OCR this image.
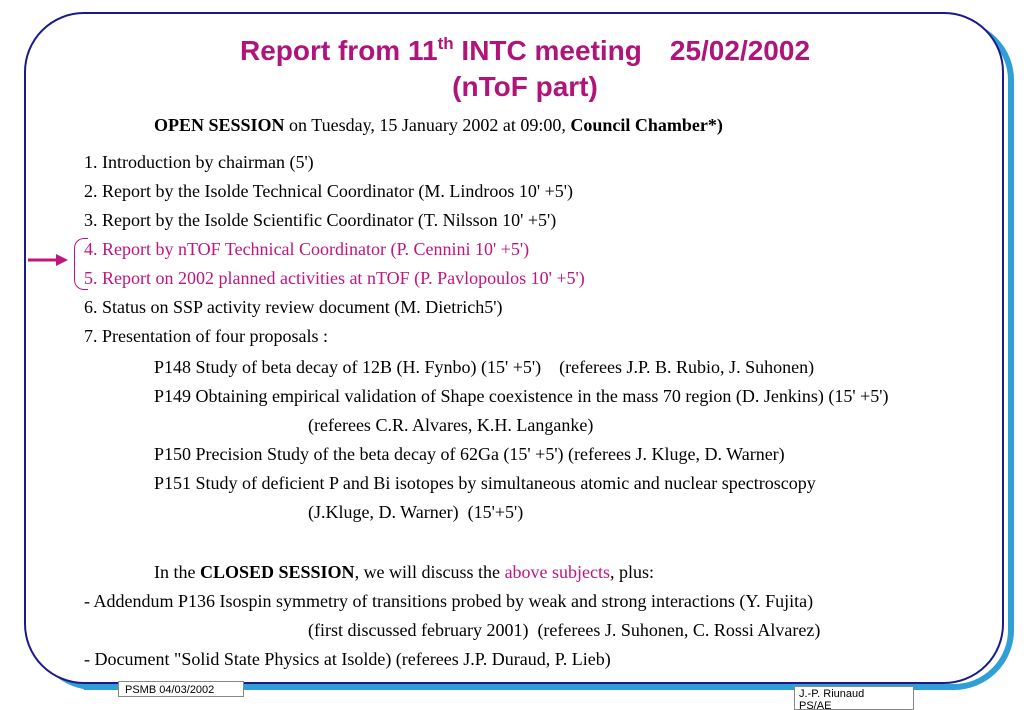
Report from 11th INTC meeting 25/02/2002
(nToF part)
OPEN SESSION on Tuesday, 15 January 2002 at 09:00, Council Chamber*)
1. Introduction by chairman (5')
2. Report by the Isolde Technical Coordinator (M. Lindroos 10' +5')
3. Report by the Isolde Scientific Coordinator (T. Nilsson 10' +5')
4. Report by nTOF Technical Coordinator (P. Cennini 10' +5')
5. Report on 2002 planned activities at nTOF (P. Pavlopoulos 10' +5')
6. Status on SSP activity review document (M. Dietrich5')
7. Presentation of four proposals :
P148 Study of beta decay of 12B (H. Fynbo) (15' +5')    (referees J.P. B. Rubio, J. Suhonen)
P149 Obtaining empirical validation of Shape coexistence in the mass 70 region (D. Jenkins) (15' +5')
(referees C.R. Alvares, K.H. Langanke)
P150 Precision Study of the beta decay of 62Ga (15' +5') (referees J. Kluge, D. Warner)
P151 Study of deficient P and Bi isotopes by simultaneous atomic and nuclear spectroscopy
(J.Kluge, D. Warner)  (15'+5')
In the CLOSED SESSION, we will discuss the above subjects, plus:
- Addendum P136 Isospin symmetry of transitions probed by weak and strong interactions (Y. Fujita)
(first discussed february 2001)  (referees J. Suhonen, C. Rossi Alvarez)
- Document "Solid State Physics at Isolde) (referees J.P. Duraud, P. Lieb)
PSMB 04/03/2002	J.-P. Riunaud
PS/AE
